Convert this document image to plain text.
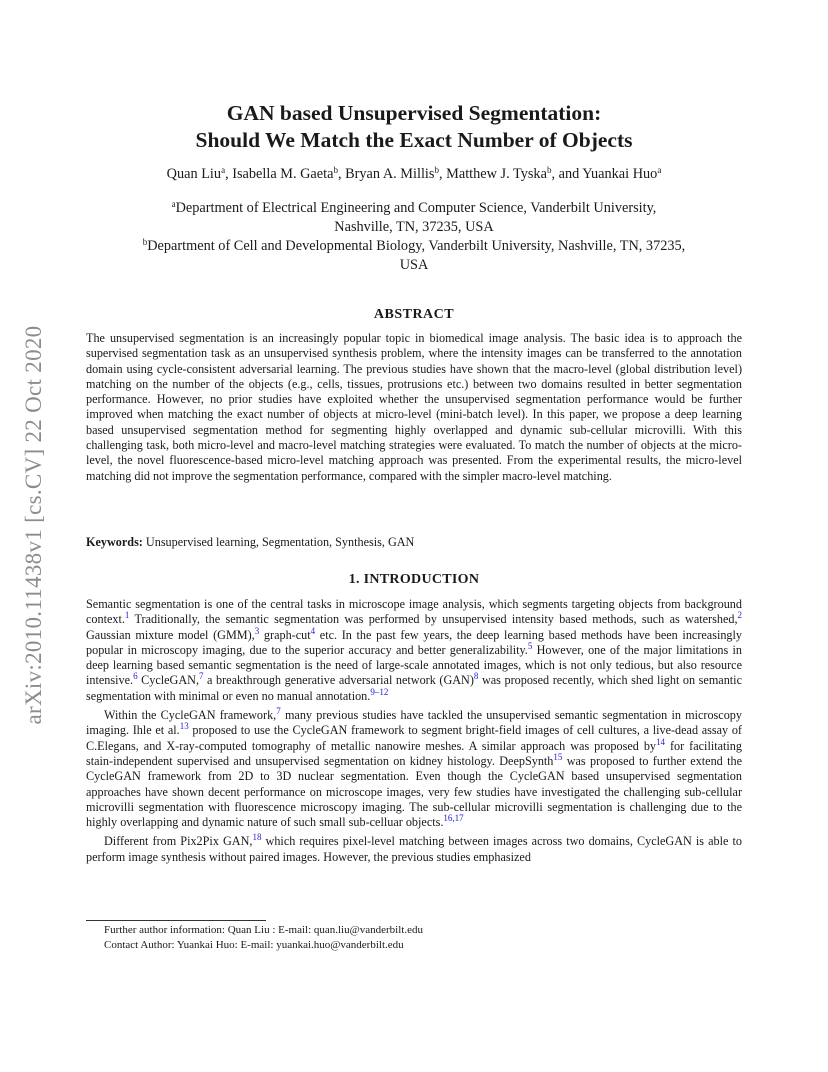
arXiv:2010.11438v1 [cs.CV] 22 Oct 2020
GAN based Unsupervised Segmentation:
Should We Match the Exact Number of Objects
Quan Liu$^a$, Isabella M. Gaeta$^b$, Bryan A. Millis$^b$, Matthew J. Tyska$^b$, and Yuankai Huo$^a$

$^a$Department of Electrical Engineering and Computer Science, Vanderbilt University,

Nashville, TN, 37235, USA

$^b$Department of Cell and Developmental Biology, Vanderbilt University, Nashville, TN, 37235,

USA

ABSTRACT

The unsupervised segmentation is an increasingly popular topic in biomedical image analysis. The basic idea is to approach the supervised segmentation task as an unsupervised synthesis problem, where the intensity images can be transferred to the annotation domain using cycle-consistent adversarial learning. The previous studies have shown that the macro-level (global distribution level) matching on the number of the objects (e.g., cells, tissues, protrusions etc.) between two domains resulted in better segmentation performance. However, no prior studies have exploited whether the unsupervised segmentation performance would be further improved when matching the exact number of objects at micro-level (mini-batch level). In this paper, we propose a deep learning based unsupervised segmentation method for segmenting highly overlapped and dynamic sub-cellular microvilli. With this challenging task, both micro-level and macro-level matching strategies were evaluated. To match the number of objects at the micro-level, the novel fluorescence-based micro-level matching approach was presented. From the experimental results, the micro-level matching did not improve the segmentation performance, compared with the simpler macro-level matching.

Keywords: Unsupervised learning, Segmentation, Synthesis, GAN
1. INTRODUCTION

Semantic segmentation is one of the central tasks in microscope image analysis, which segments targeting objects from background context.$^1$ Traditionally, the semantic segmentation was performed by unsupervised intensity based methods, such as watershed,$^2$ Gaussian mixture model (GMM),$^3$ graph-cut$^4$ etc. In the past few years, the deep learning based methods have been increasingly popular in microscopy imaging, due to the superior accuracy and better generalizability.$^5$ However, one of the major limitations in deep learning based semantic segmentation is the need of large-scale annotated images, which is not only tedious, but also resource intensive.$^6$ CycleGAN,$^7$ a breakthrough generative adversarial network (GAN)$^8$ was proposed recently, which shed light on semantic segmentation with minimal or even no manual annotation.$^{9-12}$

Within the CycleGAN framework,$^7$ many previous studies have tackled the unsupervised semantic segmentation in microscopy imaging. Ihle et al.$^{13}$ proposed to use the CycleGAN framework to segment bright-field images of cell cultures, a live-dead assay of C.Elegans, and X-ray-computed tomography of metallic nanowire meshes. A similar approach was proposed by$^{14}$ for facilitating stain-independent supervised and unsupervised segmentation on kidney histology. DeepSynth$^{15}$ was proposed to further extend the CycleGAN framework from 2D to 3D nuclear segmentation. Even though the CycleGAN based unsupervised segmentation approaches have shown decent performance on microscope images, very few studies have investigated the challenging sub-cellular microvilli segmentation with fluorescence microscopy imaging. The sub-cellular microvilli segmentation is challenging due to the highly overlapping and dynamic nature of such small sub-celluar objects.$^{16,17}$

Different from Pix2Pix GAN,$^{18}$ which requires pixel-level matching between images across two domains, CycleGAN is able to perform image synthesis without paired images. However, the previous studies emphasized

Further author information: Quan Liu : E-mail: quan.liu@vanderbilt.edu
Contact Author: Yuankai Huo: E-mail: yuankai.huo@vanderbilt.edu
